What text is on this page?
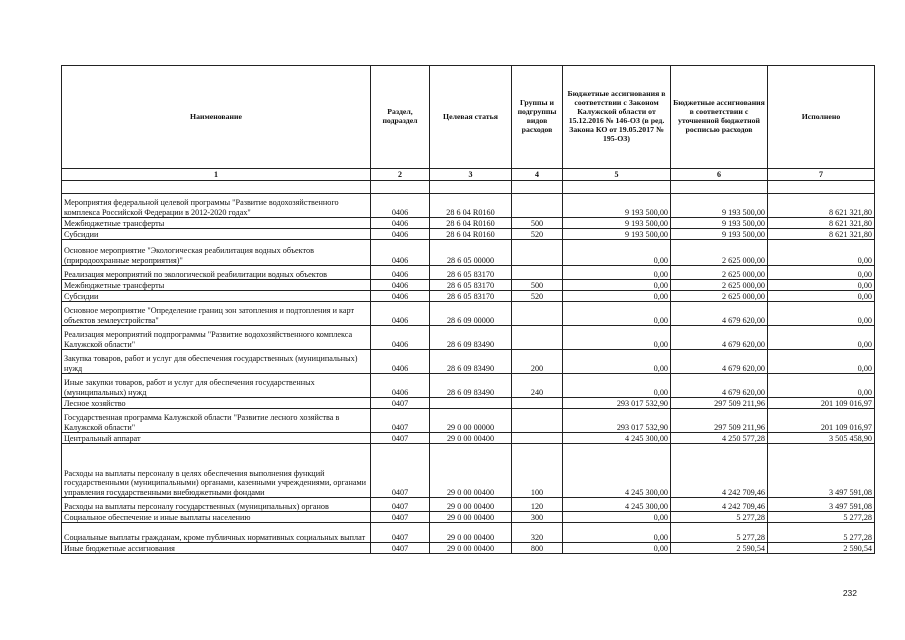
Наименование	Раздел, подраздел	Целевая статья	Группы и подгруппы видов расходов	Бюджетные ассигнования в соответствии с Законом Калужской области от 15.12.2016 № 146-ОЗ (в ред. Закона КО от 19.05.2017 № 195-ОЗ)	Бюджетные ассигнования в соответствии с уточненной бюджетной росписью расходов	Исполнено
1	2	3	4	5	6	7

Мероприятия федеральной целевой программы "Развитие водохозяйственного комплекса Российской Федерации в 2012-2020 годах"	0406	28 6 04 R0160		9 193 500,00	9 193 500,00	8 621 321,80
Межбюджетные трансферты	0406	28 6 04 R0160	500	9 193 500,00	9 193 500,00	8 621 321,80
Субсидии	0406	28 6 04 R0160	520	9 193 500,00	9 193 500,00	8 621 321,80
Основное мероприятие "Экологическая реабилитация водных объектов (природоохранные мероприятия)"	0406	28 6 05 00000		0,00	2 625 000,00	0,00
Реализация мероприятий по экологической реабилитации водных объектов	0406	28 6 05 83170		0,00	2 625 000,00	0,00
Межбюджетные трансферты	0406	28 6 05 83170	500	0,00	2 625 000,00	0,00
Субсидии	0406	28 6 05 83170	520	0,00	2 625 000,00	0,00
Основное мероприятие "Определение границ зон затопления и подтопления и карт объектов землеустройства"	0406	28 6 09 00000		0,00	4 679 620,00	0,00
Реализация мероприятий подпрограммы "Развитие водохозяйственного комплекса Калужской области"	0406	28 6 09 83490		0,00	4 679 620,00	0,00
Закупка товаров, работ и услуг для обеспечения государственных (муниципальных) нужд	0406	28 6 09 83490	200	0,00	4 679 620,00	0,00
Иные закупки товаров, работ и услуг для обеспечения государственных (муниципальных) нужд	0406	28 6 09 83490	240	0,00	4 679 620,00	0,00
Лесное хозяйство	0407			293 017 532,90	297 509 211,96	201 109 016,97
Государственная программа Калужской области "Развитие лесного хозяйства в Калужской области"	0407	29 0 00 00000		293 017 532,90	297 509 211,96	201 109 016,97
Центральный аппарат	0407	29 0 00 00400		4 245 300,00	4 250 577,28	3 505 458,90
Расходы на выплаты персоналу в целях обеспечения выполнения функций государственными (муниципальными) органами, казенными учреждениями, органами управления государственными внебюджетными фондами	0407	29 0 00 00400	100	4 245 300,00	4 242 709,46	3 497 591,08
Расходы на выплаты персоналу государственных (муниципальных) органов	0407	29 0 00 00400	120	4 245 300,00	4 242 709,46	3 497 591,08
Социальное обеспечение и иные выплаты населению	0407	29 0 00 00400	300	0,00	5 277,28	5 277,28
Социальные выплаты гражданам, кроме публичных нормативных социальных выплат	0407	29 0 00 00400	320	0,00	5 277,28	5 277,28
Иные бюджетные ассигнования	0407	29 0 00 00400	800	0,00	2 590,54	2 590,54
232
